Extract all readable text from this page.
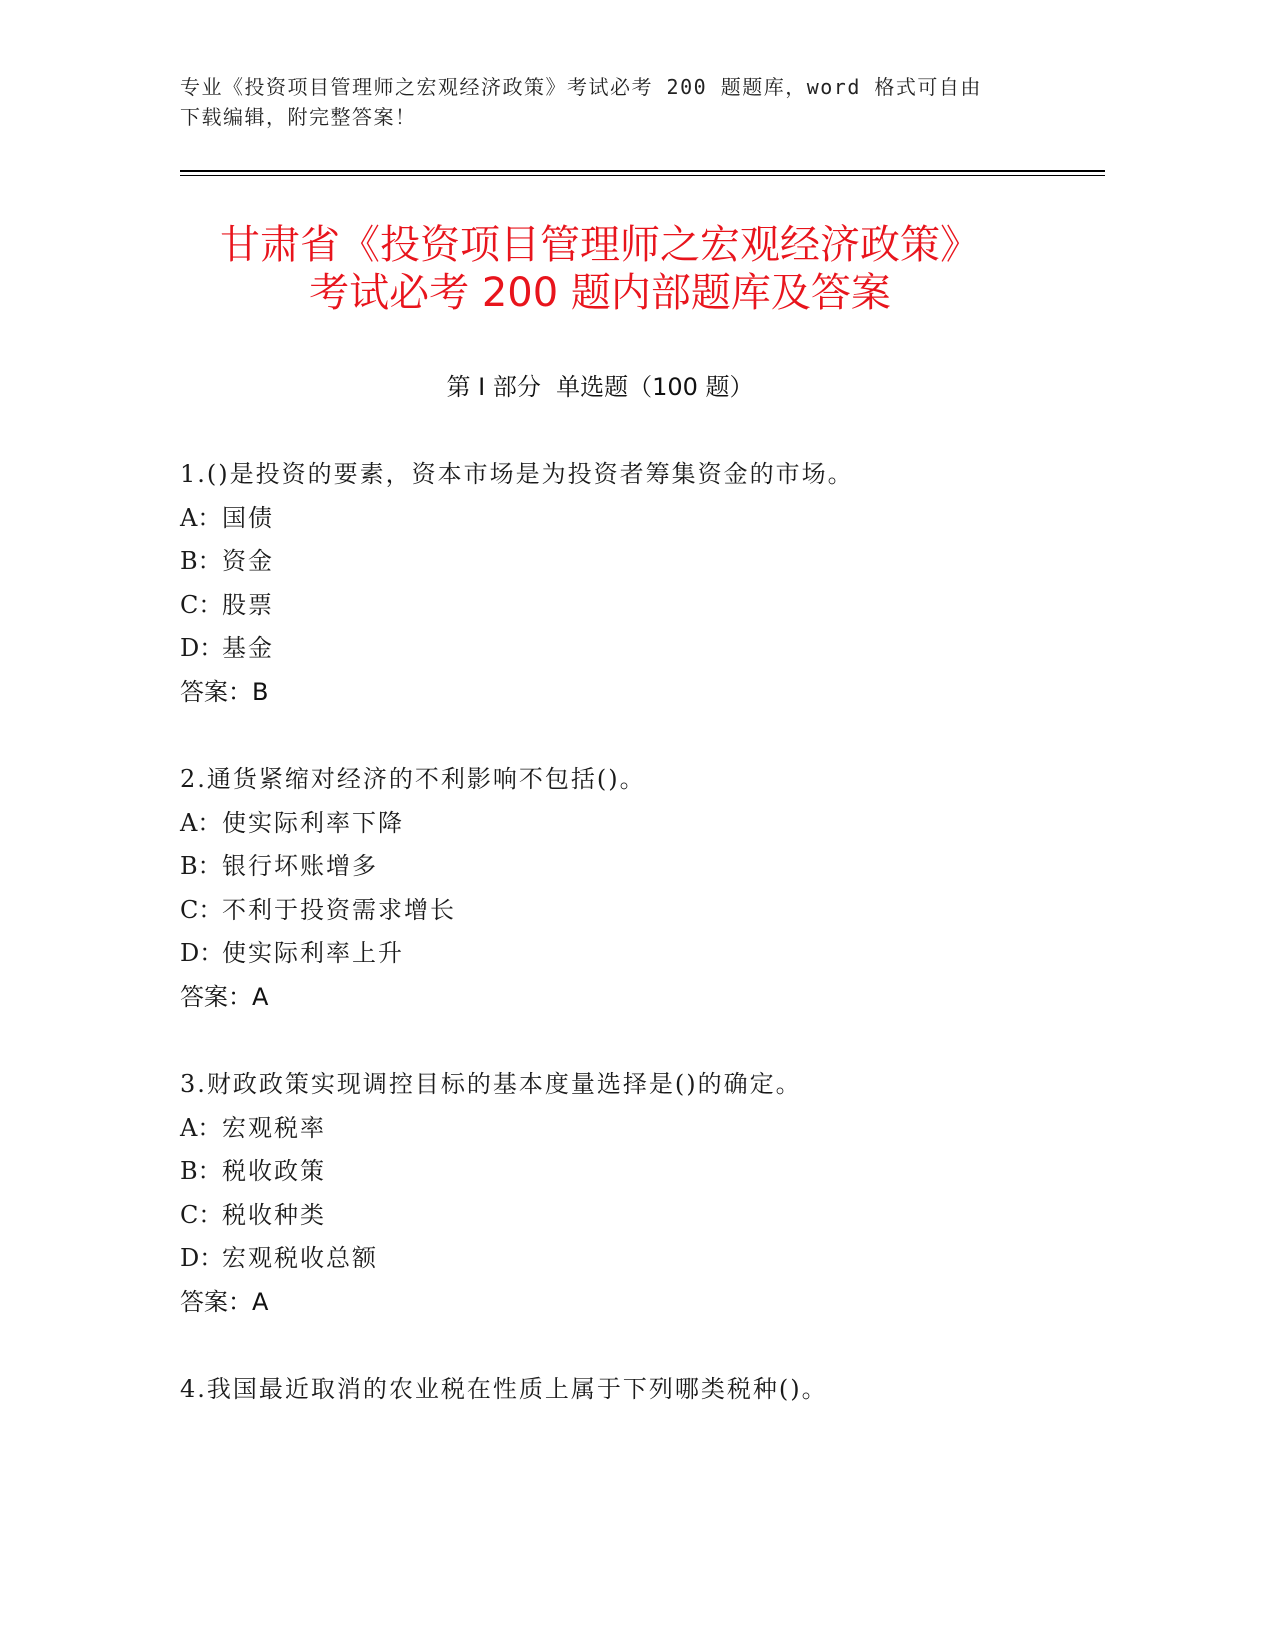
专业《投资项目管理师之宏观经济政策》考试必考 200 题题库，word 格式可自由
下载编辑，附完整答案！
甘肃省《投资项目管理师之宏观经济政策》
考试必考 200 题内部题库及答案
第 I 部分  单选题（100 题）
1.()是投资的要素，资本市场是为投资者筹集资金的市场。
A：国债
B：资金
C：股票
D：基金
答案：B
2.通货紧缩对经济的不利影响不包括()。
A：使实际利率下降
B：银行坏账增多
C：不利于投资需求增长
D：使实际利率上升
答案：A
3.财政政策实现调控目标的基本度量选择是()的确定。
A：宏观税率
B：税收政策
C：税收种类
D：宏观税收总额
答案：A
4.我国最近取消的农业税在性质上属于下列哪类税种()。
